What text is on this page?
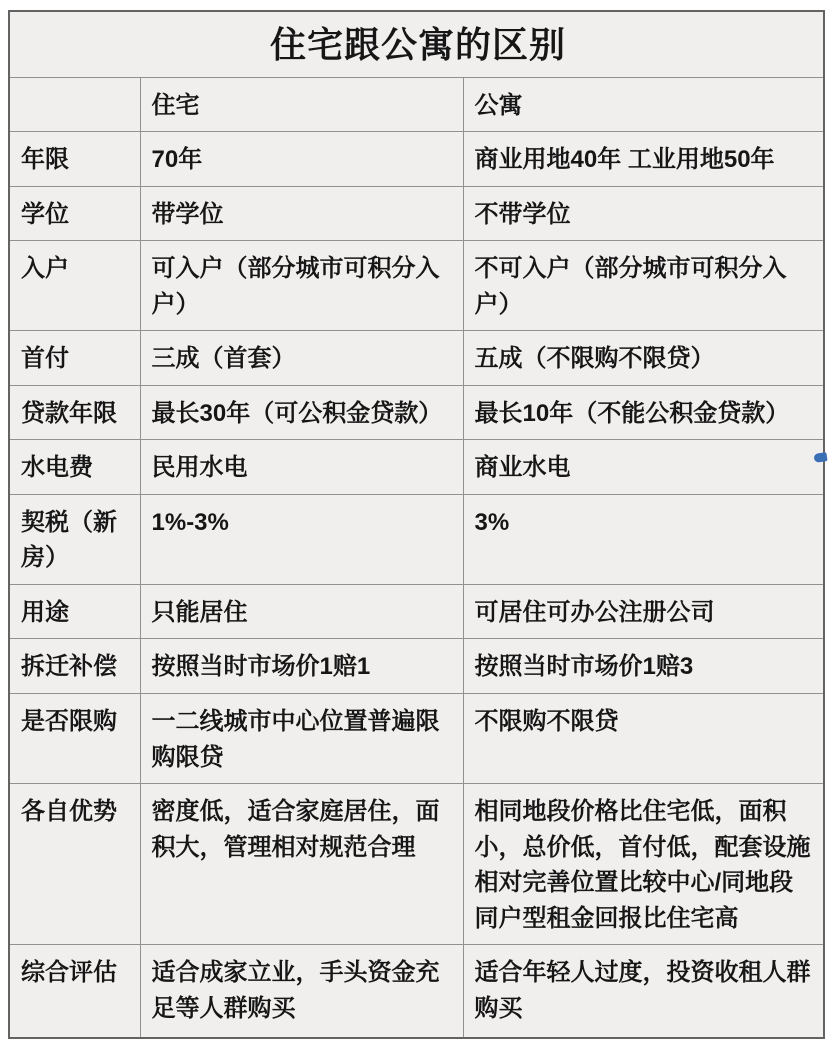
住宅跟公寓的区别		
	住宅	公寓
年限	70年	商业用地40年 工业用地50年
学位	带学位	不带学位
入户	可入户（部分城市可积分入户）	不可入户（部分城市可积分入户）
首付	三成（首套）	五成（不限购不限贷）
贷款年限	最长30年（可公积金贷款）	最长10年（不能公积金贷款）
水电费	民用水电	商业水电
契税（新房）	1%-3%	3%
用途	只能居住	可居住可办公注册公司
拆迁补偿	按照当时市场价1赔1	按照当时市场价1赔3
是否限购	一二线城市中心位置普遍限购限贷	不限购不限贷
各自优势	密度低，适合家庭居住，面积大，管理相对规范合理	相同地段价格比住宅低，面积小，总价低，首付低，配套设施相对完善位置比较中心/同地段同户型租金回报比住宅高
综合评估	适合成家立业，手头资金充足等人群购买	适合年轻人过度，投资收租人群购买
